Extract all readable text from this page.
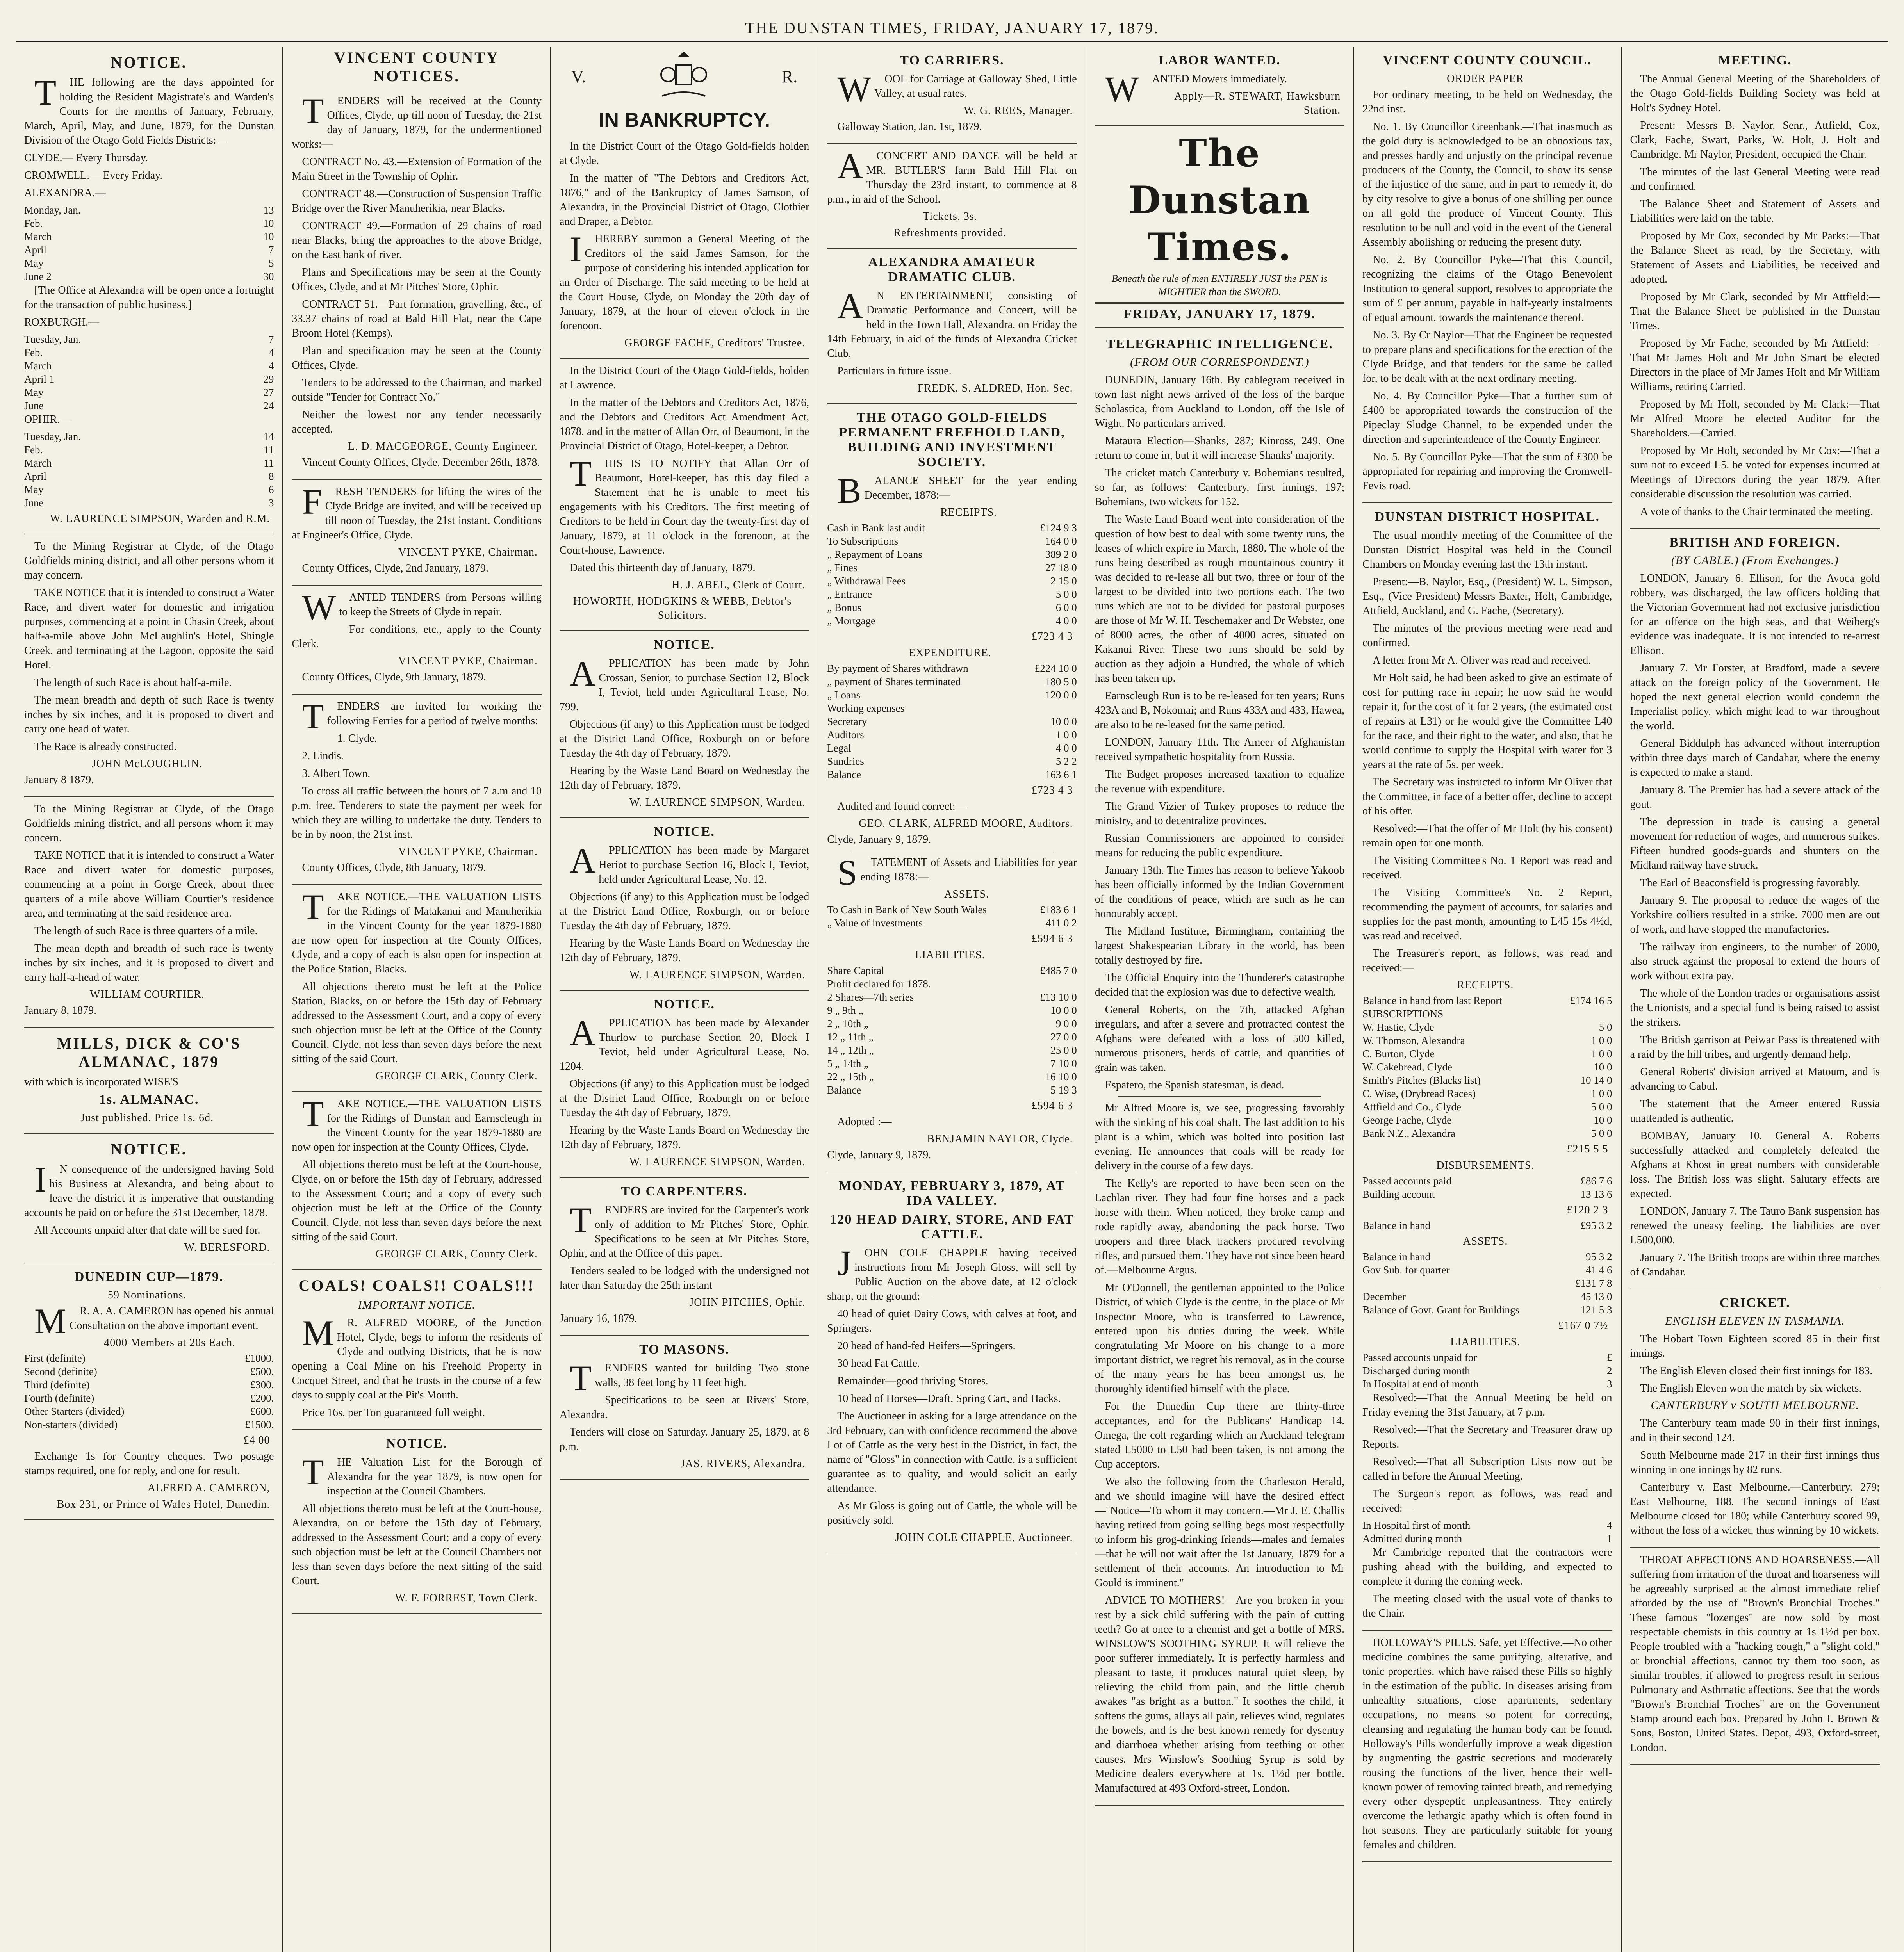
THE DUNSTAN TIMES, FRIDAY, JANUARY 17, 1879.
NOTICE.

THE following are the days appointed for holding the Resident Magistrate's and Warden's Courts for the months of January, February, March, April, May, and June, 1879, for the Dunstan Division of the Otago Gold Fields Districts:—

CLYDE.— Every Thursday.

CROMWELL.— Every Friday.

ALEXANDRA.—

Monday, Jan.	13
Feb.	10
March	10
April	7
May	5
June 2	30

[The Office at Alexandra will be open once a fortnight for the transaction of public business.]

ROXBURGH.—

Tuesday, Jan.	7
Feb.	4
March	4
April 1	29
May	27
June	24

OPHIR.—

Tuesday, Jan.	14
Feb.	11
March	11
April	8
May	6
June	3
W. LAURENCE SIMPSON, Warden and R.M.

To the Mining Registrar at Clyde, of the Otago Goldfields mining district, and all other persons whom it may concern.

TAKE NOTICE that it is intended to construct a Water Race, and divert water for domestic and irrigation purposes, commencing at a point in Chasin Creek, about half-a-mile above John McLaughlin's Hotel, Shingle Creek, and terminating at the Lagoon, opposite the said Hotel.

The length of such Race is about half-a-mile.

The mean breadth and depth of such Race is twenty inches by six inches, and it is proposed to divert and carry one head of water.

The Race is already constructed.

JOHN McLOUGHLIN.

January 8 1879.

To the Mining Registrar at Clyde, of the Otago Goldfields mining district, and all persons whom it may concern.

TAKE NOTICE that it is intended to construct a Water Race and divert water for domestic purposes, commencing at a point in Gorge Creek, about three quarters of a mile above William Courtier's residence area, and terminating at the said residence area.

The length of such Race is three quarters of a mile.

The mean depth and breadth of such race is twenty inches by six inches, and it is proposed to divert and carry half-a-head of water.

WILLIAM COURTIER.

January 8, 1879.

MILLS, DICK & CO'S ALMANAC, 1879

with which is incorporated WISE'S

1s. ALMANAC.
Just published. Price 1s. 6d.
NOTICE.

IN consequence of the undersigned having Sold his Business at Alexandra, and being about to leave the district it is imperative that outstanding accounts be paid on or before the 31st December, 1878.

All Accounts unpaid after that date will be sued for.

W. BERESFORD.
DUNEDIN CUP—1879.
59 Nominations.

MR. A. A. CAMERON has opened his annual Consultation on the above important event.

4000 Members at 20s Each.
First (definite)	£1000.
Second (definite)	£500.
Third (definite)	£300.
Fourth (definite)	£200.
Other Starters (divided)	£600.
Non-starters (divided)	£1500.
£4 00

Exchange 1s for Country cheques. Two postage stamps required, one for reply, and one for result.

ALFRED A. CAMERON,
Box 231, or Prince of Wales Hotel, Dunedin.
VINCENT COUNTY NOTICES.

TENDERS will be received at the County Offices, Clyde, up till noon of Tuesday, the 21st day of January, 1879, for the undermentioned works:—

CONTRACT No. 43.—Extension of Formation of the Main Street in the Township of Ophir.

CONTRACT 48.—Construction of Suspension Traffic Bridge over the River Manuherikia, near Blacks.

CONTRACT 49.—Formation of 29 chains of road near Blacks, bring the approaches to the above Bridge, on the East bank of river.

Plans and Specifications may be seen at the County Offices, Clyde, and at Mr Pitches' Store, Ophir.

CONTRACT 51.—Part formation, gravelling, &c., of 33.37 chains of road at Bald Hill Flat, near the Cape Broom Hotel (Kemps).

Plan and specification may be seen at the County Offices, Clyde.

Tenders to be addressed to the Chairman, and marked outside "Tender for Contract No."

Neither the lowest nor any tender necessarily accepted.

L. D. MACGEORGE, County Engineer.

Vincent County Offices, Clyde, December 26th, 1878.

FRESH TENDERS for lifting the wires of the Clyde Bridge are invited, and will be received up till noon of Tuesday, the 21st instant. Conditions at Engineer's Office, Clyde.

VINCENT PYKE, Chairman.

County Offices, Clyde, 2nd January, 1879.

WANTED TENDERS from Persons willing to keep the Streets of Clyde in repair.

For conditions, etc., apply to the County Clerk.

VINCENT PYKE, Chairman.

County Offices, Clyde, 9th January, 1879.

TENDERS are invited for working the following Ferries for a period of twelve months:

1. Clyde.

2. Lindis.

3. Albert Town.

To cross all traffic between the hours of 7 a.m and 10 p.m. free. Tenderers to state the payment per week for which they are willing to undertake the duty. Tenders to be in by noon, the 21st inst.

VINCENT PYKE, Chairman.

County Offices, Clyde, 8th January, 1879.

TAKE NOTICE.—THE VALUATION LISTS for the Ridings of Matakanui and Manuherikia in the Vincent County for the year 1879-1880 are now open for inspection at the County Offices, Clyde, and a copy of each is also open for inspection at the Police Station, Blacks.

All objections thereto must be left at the Police Station, Blacks, on or before the 15th day of February addressed to the Assessment Court, and a copy of every such objection must be left at the Office of the County Council, Clyde, not less than seven days before the next sitting of the said Court.

GEORGE CLARK, County Clerk.

TAKE NOTICE.—THE VALUATION LISTS for the Ridings of Dunstan and Earnscleugh in the Vincent County for the year 1879-1880 are now open for inspection at the County Offices, Clyde.

All objections thereto must be left at the Court-house, Clyde, on or before the 15th day of February, addressed to the Assessment Court; and a copy of every such objection must be left at the Office of the County Council, Clyde, not less than seven days before the next sitting of the said Court.

GEORGE CLARK, County Clerk.
COALS! COALS!! COALS!!!
IMPORTANT NOTICE.

MR. ALFRED MOORE, of the Junction Hotel, Clyde, begs to inform the residents of Clyde and outlying Districts, that he is now opening a Coal Mine on his Freehold Property in Cocquet Street, and that he trusts in the course of a few days to supply coal at the Pit's Mouth.

Price 16s. per Ton guaranteed full weight.

NOTICE.

THE Valuation List for the Borough of Alexandra for the year 1879, is now open for inspection at the Council Chambers.

All objections thereto must be left at the Court-house, Alexandra, on or before the 15th day of February, addressed to the Assessment Court; and a copy of every such objection must be left at the Council Chambers not less than seven days before the next sitting of the said Court.

W. F. FORREST, Town Clerk.
V.	R.
IN BANKRUPTCY.

In the District Court of the Otago Gold-fields holden at Clyde.

In the matter of "The Debtors and Creditors Act, 1876," and of the Bankruptcy of James Samson, of Alexandra, in the Provincial District of Otago, Clothier and Draper, a Debtor.

IHEREBY summon a General Meeting of the Creditors of the said James Samson, for the purpose of considering his intended application for an Order of Discharge. The said meeting to be held at the Court House, Clyde, on Monday the 20th day of January, 1879, at the hour of eleven o'clock in the forenoon.

GEORGE FACHE, Creditors' Trustee.

In the District Court of the Otago Gold-fields, holden at Lawrence.

In the matter of the Debtors and Creditors Act, 1876, and the Debtors and Creditors Act Amendment Act, 1878, and in the matter of Allan Orr, of Beaumont, in the Provincial District of Otago, Hotel-keeper, a Debtor.

THIS IS TO NOTIFY that Allan Orr of Beaumont, Hotel-keeper, has this day filed a Statement that he is unable to meet his engagements with his Creditors. The first meeting of Creditors to be held in Court day the twenty-first day of January, 1879, at 11 o'clock in the forenoon, at the Court-house, Lawrence.

Dated this thirteenth day of January, 1879.

H. J. ABEL, Clerk of Court.
HOWORTH, HODGKINS & WEBB, Debtor's Solicitors.
NOTICE.

APPLICATION has been made by John Crossan, Senior, to purchase Section 12, Block I, Teviot, held under Agricultural Lease, No. 799.

Objections (if any) to this Application must be lodged at the District Land Office, Roxburgh on or before Tuesday the 4th day of February, 1879.

Hearing by the Waste Land Board on Wednesday the 12th day of February, 1879.

W. LAURENCE SIMPSON, Warden.
NOTICE.

APPLICATION has been made by Margaret Heriot to purchase Section 16, Block I, Teviot, held under Agricultural Lease, No. 12.

Objections (if any) to this Application must be lodged at the District Land Office, Roxburgh, on or before Tuesday the 4th day of February, 1879.

Hearing by the Waste Lands Board on Wednesday the 12th day of February, 1879.

W. LAURENCE SIMPSON, Warden.
NOTICE.

APPLICATION has been made by Alexander Thurlow to purchase Section 20, Block I Teviot, held under Agricultural Lease, No. 1204.

Objections (if any) to this Application must be lodged at the District Land Office, Roxburgh on or before Tuesday the 4th day of February, 1879.

Hearing by the Waste Lands Board on Wednesday the 12th day of February, 1879.

W. LAURENCE SIMPSON, Warden.
TO CARPENTERS.

TENDERS are invited for the Carpenter's work only of addition to Mr Pitches' Store, Ophir. Specifications to be seen at Mr Pitches Store, Ophir, and at the Office of this paper.

Tenders sealed to be lodged with the undersigned not later than Saturday the 25th instant

JOHN PITCHES, Ophir.

January 16, 1879.

TO MASONS.

TENDERS wanted for building Two stone walls, 38 feet long by 11 feet high.

Specifications to be seen at Rivers' Store, Alexandra.

Tenders will close on Saturday. January 25, 1879, at 8 p.m.

JAS. RIVERS, Alexandra.
TO CARRIERS.

WOOL for Carriage at Galloway Shed, Little Valley, at usual rates.

W. G. REES, Manager.

Galloway Station, Jan. 1st, 1879.

ACONCERT AND DANCE will be held at MR. BUTLER'S farm Bald Hill Flat on Thursday the 23rd instant, to commence at 8 p.m., in aid of the School.

Tickets, 3s.
Refreshments provided.
ALEXANDRA AMATEUR DRAMATIC CLUB.

AN ENTERTAINMENT, consisting of Dramatic Performance and Concert, will be held in the Town Hall, Alexandra, on Friday the 14th February, in aid of the funds of Alexandra Cricket Club.

Particulars in future issue.

FREDK. S. ALDRED, Hon. Sec.
THE OTAGO GOLD-FIELDS PERMANENT FREEHOLD LAND, BUILDING AND INVESTMENT SOCIETY.

BALANCE SHEET for the year ending December, 1878:—

RECEIPTS.
Cash in Bank last audit	£124 9 3
To Subscriptions	164 0 0
„ Repayment of Loans	389 2 0
„ Fines	27 18 0
„ Withdrawal Fees	2 15 0
„ Entrance	5 0 0
„ Bonus	6 0 0
„ Mortgage	4 0 0
£723 4 3
EXPENDITURE.
By payment of Shares withdrawn	£224 10 0
„ payment of Shares terminated	180 5 0
„ Loans	120 0 0
Working expenses
Secretary	10 0 0
Auditors	1 0 0
Legal	4 0 0
Sundries	5 2 2
Balance	163 6 1
£723 4 3

Audited and found correct:—

GEO. CLARK, ALFRED MOORE, Auditors.

Clyde, January 9, 1879.

STATEMENT of Assets and Liabilities for year ending 1878:—

ASSETS.
To Cash in Bank of New South Wales	£183 6 1
„ Value of investments	411 0 2
£594 6 3
LIABILITIES.
Share Capital	£485 7 0
Profit declared for 1878.
2 Shares—7th series	£13 10 0
9 „ 9th „	10 0 0
2 „ 10th „	9 0 0
12 „ 11th „	27 0 0
14 „ 12th „	25 0 0
5 „ 14th „	7 10 0
22 „ 15th „	16 10 0
Balance	5 19 3
£594 6 3

Adopted :—

BENJAMIN NAYLOR, Clyde.

Clyde, January 9, 1879.

MONDAY, FEBRUARY 3, 1879, AT IDA VALLEY.
120 HEAD DAIRY, STORE, AND FAT CATTLE.

JOHN COLE CHAPPLE having received instructions from Mr Joseph Gloss, will sell by Public Auction on the above date, at 12 o'clock sharp, on the ground:—

40 head of quiet Dairy Cows, with calves at foot, and Springers.

20 head of hand-fed Heifers—Springers.

30 head Fat Cattle.

Remainder—good thriving Stores.

10 head of Horses—Draft, Spring Cart, and Hacks.

The Auctioneer in asking for a large attendance on the 3rd February, can with confidence recommend the above Lot of Cattle as the very best in the District, in fact, the name of "Gloss" in connection with Cattle, is a sufficient guarantee as to quality, and would solicit an early attendance.

As Mr Gloss is going out of Cattle, the whole will be positively sold.

JOHN COLE CHAPPLE, Auctioneer.
LABOR WANTED.

WANTED Mowers immediately.

Apply—R. STEWART, Hawksburn Station.
The Dunstan Times.
Beneath the rule of men ENTIRELY JUST the PEN is MIGHTIER than the SWORD.
FRIDAY, JANUARY 17, 1879.
TELEGRAPHIC INTELLIGENCE.
(FROM OUR CORRESPONDENT.)

DUNEDIN, January 16th. By cablegram received in town last night news arrived of the loss of the barque Scholastica, from Auckland to London, off the Isle of Wight. No particulars arrived.

Mataura Election—Shanks, 287; Kinross, 249. One return to come in, but it will increase Shanks' majority.

The cricket match Canterbury v. Bohemians resulted, so far, as follows:—Canterbury, first innings, 197; Bohemians, two wickets for 152.

The Waste Land Board went into consideration of the question of how best to deal with some twenty runs, the leases of which expire in March, 1880. The whole of the runs being described as rough mountainous country it was decided to re-lease all but two, three or four of the largest to be divided into two portions each. The two runs which are not to be divided for pastoral purposes are those of Mr W. H. Teschemaker and Dr Webster, one of 8000 acres, the other of 4000 acres, situated on Kakanui River. These two runs should be sold by auction as they adjoin a Hundred, the whole of which has been taken up.

Earnscleugh Run is to be re-leased for ten years; Runs 423A and B, Nokomai; and Runs 433A and 433, Hawea, are also to be re-leased for the same period.

LONDON, January 11th. The Ameer of Afghanistan received sympathetic hospitality from Russia.

The Budget proposes increased taxation to equalize the revenue with expenditure.

The Grand Vizier of Turkey proposes to reduce the ministry, and to decentralize provinces.

Russian Commissioners are appointed to consider means for reducing the public expenditure.

January 13th. The Times has reason to believe Yakoob has been officially informed by the Indian Government of the conditions of peace, which are such as he can honourably accept.

The Midland Institute, Birmingham, containing the largest Shakespearian Library in the world, has been totally destroyed by fire.

The Official Enquiry into the Thunderer's catastrophe decided that the explosion was due to defective wealth.

General Roberts, on the 7th, attacked Afghan irregulars, and after a severe and protracted contest the Afghans were defeated with a loss of 500 killed, numerous prisoners, herds of cattle, and quantities of grain was taken.

Espatero, the Spanish statesman, is dead.

Mr Alfred Moore is, we see, progressing favorably with the sinking of his coal shaft. The last addition to his plant is a whim, which was bolted into position last evening. He announces that coals will be ready for delivery in the course of a few days.

The Kelly's are reported to have been seen on the Lachlan river. They had four fine horses and a pack horse with them. When noticed, they broke camp and rode rapidly away, abandoning the pack horse. Two troopers and three black trackers procured revolving rifles, and pursued them. They have not since been heard of.—Melbourne Argus.

Mr O'Donnell, the gentleman appointed to the Police District, of which Clyde is the centre, in the place of Mr Inspector Moore, who is transferred to Lawrence, entered upon his duties during the week. While congratulating Mr Moore on his change to a more important district, we regret his removal, as in the course of the many years he has been amongst us, he thoroughly identified himself with the place.

For the Dunedin Cup there are thirty-three acceptances, and for the Publicans' Handicap 14. Omega, the colt regarding which an Auckland telegram stated L5000 to L50 had been taken, is not among the Cup acceptors.

We also the following from the Charleston Herald, and we should imagine will have the desired effect—"Notice—To whom it may concern.—Mr J. E. Challis having retired from going selling begs most respectfully to inform his grog-drinking friends—males and females—that he will not wait after the 1st January, 1879 for a settlement of their accounts. An introduction to Mr Gould is imminent."

ADVICE TO MOTHERS!—Are you broken in your rest by a sick child suffering with the pain of cutting teeth? Go at once to a chemist and get a bottle of MRS. WINSLOW'S SOOTHING SYRUP. It will relieve the poor sufferer immediately. It is perfectly harmless and pleasant to taste, it produces natural quiet sleep, by relieving the child from pain, and the little cherub awakes "as bright as a button." It soothes the child, it softens the gums, allays all pain, relieves wind, regulates the bowels, and is the best known remedy for dysentry and diarrhoea whether arising from teething or other causes. Mrs Winslow's Soothing Syrup is sold by Medicine dealers everywhere at 1s. 1½d per bottle. Manufactured at 493 Oxford-street, London.

VINCENT COUNTY COUNCIL.
ORDER PAPER

For ordinary meeting, to be held on Wednesday, the 22nd inst.

No. 1. By Councillor Greenbank.—That inasmuch as the gold duty is acknowledged to be an obnoxious tax, and presses hardly and unjustly on the principal revenue producers of the County, the Council, to show its sense of the injustice of the same, and in part to remedy it, do by city resolve to give a bonus of one shilling per ounce on all gold the produce of Vincent County. This resolution to be null and void in the event of the General Assembly abolishing or reducing the present duty.

No. 2. By Councillor Pyke—That this Council, recognizing the claims of the Otago Benevolent Institution to general support, resolves to appropriate the sum of £ per annum, payable in half-yearly instalments of equal amount, towards the maintenance thereof.

No. 3. By Cr Naylor—That the Engineer be requested to prepare plans and specifications for the erection of the Clyde Bridge, and that tenders for the same be called for, to be dealt with at the next ordinary meeting.

No. 4. By Councillor Pyke—That a further sum of £400 be appropriated towards the construction of the Pipeclay Sludge Channel, to be expended under the direction and superintendence of the County Engineer.

No. 5. By Councillor Pyke—That the sum of £300 be appropriated for repairing and improving the Cromwell-Fevis road.

DUNSTAN DISTRICT HOSPITAL.

The usual monthly meeting of the Committee of the Dunstan District Hospital was held in the Council Chambers on Monday evening last the 13th instant.

Present:—B. Naylor, Esq., (President) W. L. Simpson, Esq., (Vice President) Messrs Baxter, Holt, Cambridge, Attfield, Auckland, and G. Fache, (Secretary).

The minutes of the previous meeting were read and confirmed.

A letter from Mr A. Oliver was read and received.

Mr Holt said, he had been asked to give an estimate of cost for putting race in repair; he now said he would repair it, for the cost of it for 2 years, (the estimated cost of repairs at L31) or he would give the Committee L40 for the race, and their right to the water, and also, that he would continue to supply the Hospital with water for 3 years at the rate of 5s. per week.

The Secretary was instructed to inform Mr Oliver that the Committee, in face of a better offer, decline to accept of his offer.

Resolved:—That the offer of Mr Holt (by his consent) remain open for one month.

The Visiting Committee's No. 1 Report was read and received.

The Visiting Committee's No. 2 Report, recommending the payment of accounts, for salaries and supplies for the past month, amounting to L45 15s 4½d, was read and received.

The Treasurer's report, as follows, was read and received:—

RECEIPTS.
Balance in hand from last Report	£174 16 5
SUBSCRIPTIONS
W. Hastie, Clyde	5 0
W. Thomson, Alexandra	1 0 0
C. Burton, Clyde	1 0 0
W. Cakebread, Clyde	10 0
Smith's Pitches (Blacks list)	10 14 0
C. Wise, (Drybread Races)	1 0 0
Attfield and Co., Clyde	5 0 0
George Fache, Clyde	10 0
Bank N.Z., Alexandra	5 0 0
£215 5 5
DISBURSEMENTS.
Passed accounts paid	£86 7 6
Building account	13 13 6
£120 2 3
Balance in hand	£95 3 2
ASSETS.
Balance in hand	95 3 2
Gov Sub. for quarter	41 4 6
£131 7 8
December	45 13 0
Balance of Govt. Grant for Buildings	121 5 3
£167 0 7½
LIABILITIES.
Passed accounts unpaid for	£
Discharged during month	2
In Hospital at end of month	3

Resolved:—That the Annual Meeting be held on Friday evening the 31st January, at 7 p.m.

Resolved:—That the Secretary and Treasurer draw up Reports.

Resolved:—That all Subscription Lists now out be called in before the Annual Meeting.

The Surgeon's report as follows, was read and received:—

In Hospital first of month	4
Admitted during month	1

Mr Cambridge reported that the contractors were pushing ahead with the building, and expected to complete it during the coming week.

The meeting closed with the usual vote of thanks to the Chair.

HOLLOWAY'S PILLS. Safe, yet Effective.—No other medicine combines the same purifying, alterative, and tonic properties, which have raised these Pills so highly in the estimation of the public. In diseases arising from unhealthy situations, close apartments, sedentary occupations, no means so potent for correcting, cleansing and regulating the human body can be found. Holloway's Pills wonderfully improve a weak digestion by augmenting the gastric secretions and moderately rousing the functions of the liver, hence their well-known power of removing tainted breath, and remedying every other dyspeptic unpleasantness. They entirely overcome the lethargic apathy which is often found in hot seasons. They are particularly suitable for young females and children.

MEETING.

The Annual General Meeting of the Shareholders of the Otago Gold-fields Building Society was held at Holt's Sydney Hotel.

Present:—Messrs B. Naylor, Senr., Attfield, Cox, Clark, Fache, Swart, Parks, W. Holt, J. Holt and Cambridge. Mr Naylor, President, occupied the Chair.

The minutes of the last General Meeting were read and confirmed.

The Balance Sheet and Statement of Assets and Liabilities were laid on the table.

Proposed by Mr Cox, seconded by Mr Parks:—That the Balance Sheet as read, by the Secretary, with Statement of Assets and Liabilities, be received and adopted.

Proposed by Mr Clark, seconded by Mr Attfield:—That the Balance Sheet be published in the Dunstan Times.

Proposed by Mr Fache, seconded by Mr Attfield:—That Mr James Holt and Mr John Smart be elected Directors in the place of Mr James Holt and Mr William Williams, retiring Carried.

Proposed by Mr Holt, seconded by Mr Clark:—That Mr Alfred Moore be elected Auditor for the Shareholders.—Carried.

Proposed by Mr Holt, seconded by Mr Cox:—That a sum not to exceed L5. be voted for expenses incurred at Meetings of Directors during the year 1879. After considerable discussion the resolution was carried.

A vote of thanks to the Chair terminated the meeting.

BRITISH AND FOREIGN.
(BY CABLE.) (From Exchanges.)

LONDON, January 6. Ellison, for the Avoca gold robbery, was discharged, the law officers holding that the Victorian Government had not exclusive jurisdiction for an offence on the high seas, and that Weiberg's evidence was inadequate. It is not intended to re-arrest Ellison.

January 7. Mr Forster, at Bradford, made a severe attack on the foreign policy of the Government. He hoped the next general election would condemn the Imperialist policy, which might lead to war throughout the world.

General Biddulph has advanced without interruption within three days' march of Candahar, where the enemy is expected to make a stand.

January 8. The Premier has had a severe attack of the gout.

The depression in trade is causing a general movement for reduction of wages, and numerous strikes. Fifteen hundred goods-guards and shunters on the Midland railway have struck.

The Earl of Beaconsfield is progressing favorably.

January 9. The proposal to reduce the wages of the Yorkshire colliers resulted in a strike. 7000 men are out of work, and have stopped the manufactories.

The railway iron engineers, to the number of 2000, also struck against the proposal to extend the hours of work without extra pay.

The whole of the London trades or organisations assist the Unionists, and a special fund is being raised to assist the strikers.

The British garrison at Peiwar Pass is threatened with a raid by the hill tribes, and urgently demand help.

General Roberts' division arrived at Matoum, and is advancing to Cabul.

The statement that the Ameer entered Russia unattended is authentic.

BOMBAY, January 10. General A. Roberts successfully attacked and completely defeated the Afghans at Khost in great numbers with considerable loss. The British loss was slight. Salutary effects are expected.

LONDON, January 7. The Tauro Bank suspension has renewed the uneasy feeling. The liabilities are over L500,000.

January 7. The British troops are within three marches of Candahar.

CRICKET.
ENGLISH ELEVEN IN TASMANIA.

The Hobart Town Eighteen scored 85 in their first innings.

The English Eleven closed their first innings for 183.

The English Eleven won the match by six wickets.

CANTERBURY v SOUTH MELBOURNE.

The Canterbury team made 90 in their first innings, and in their second 124.

South Melbourne made 217 in their first innings thus winning in one innings by 82 runs.

Canterbury v. East Melbourne.—Canterbury, 279; East Melbourne, 188. The second innings of East Melbourne closed for 180; while Canterbury scored 99, without the loss of a wicket, thus winning by 10 wickets.

THROAT AFFECTIONS AND HOARSENESS.—All suffering from irritation of the throat and hoarseness will be agreeably surprised at the almost immediate relief afforded by the use of "Brown's Bronchial Troches." These famous "lozenges" are now sold by most respectable chemists in this country at 1s 1½d per box. People troubled with a "hacking cough," a "slight cold," or bronchial affections, cannot try them too soon, as similar troubles, if allowed to progress result in serious Pulmonary and Asthmatic affections. See that the words "Brown's Bronchial Troches" are on the Government Stamp around each box. Prepared by John I. Brown & Sons, Boston, United States. Depot, 493, Oxford-street, London.
